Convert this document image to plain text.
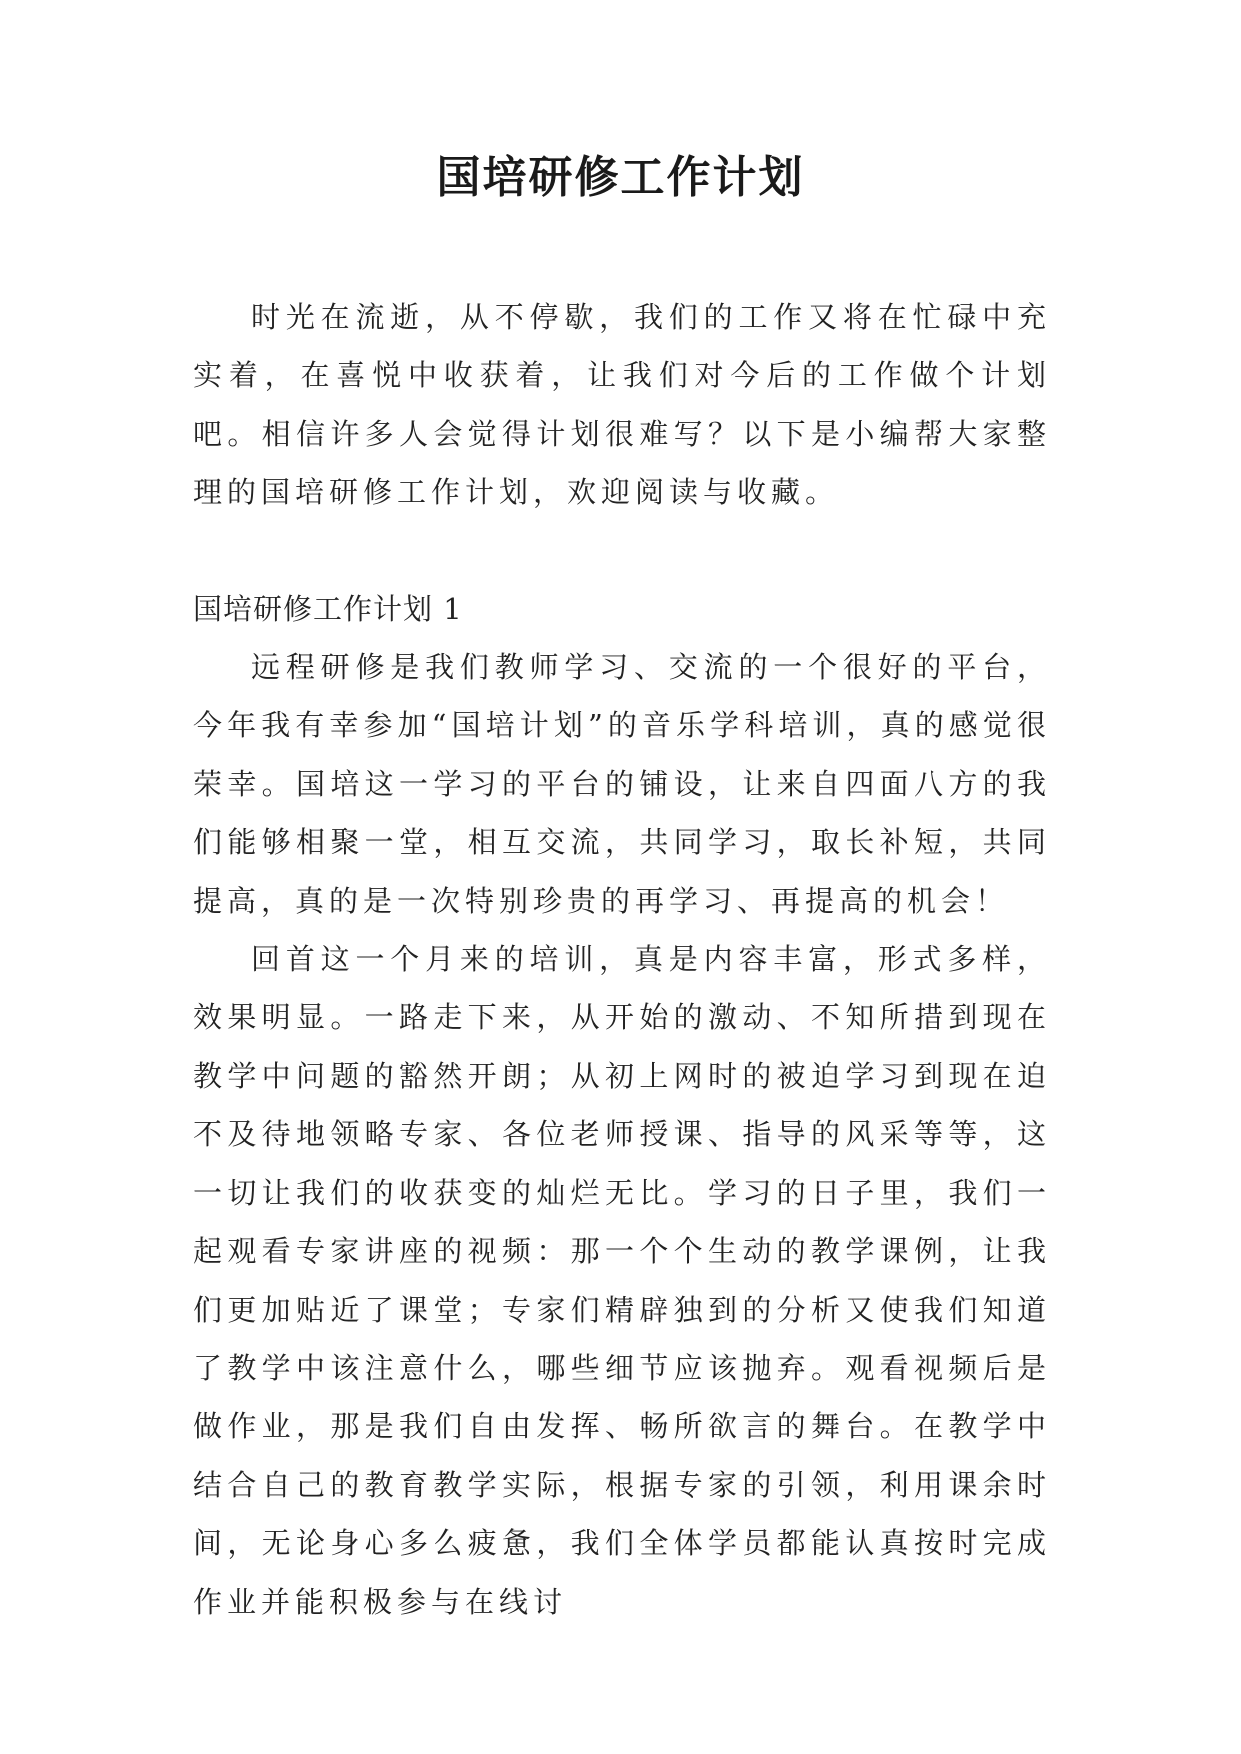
国培研修工作计划

时光在流逝，从不停歇，我们的工作又将在忙碌中充实着，在喜悦中收获着，让我们对今后的工作做个计划吧。相信许多人会觉得计划很难写？以下是小编帮大家整理的国培研修工作计划，欢迎阅读与收藏。

国培研修工作计划 1

远程研修是我们教师学习、交流的一个很好的平台，今年我有幸参加“国培计划”的音乐学科培训，真的感觉很荣幸。国培这一学习的平台的铺设，让来自四面八方的我们能够相聚一堂，相互交流，共同学习，取长补短，共同提高，真的是一次特别珍贵的再学习、再提高的机会！

回首这一个月来的培训，真是内容丰富，形式多样，效果明显。一路走下来，从开始的激动、不知所措到现在教学中问题的豁然开朗；从初上网时的被迫学习到现在迫不及待地领略专家、各位老师授课、指导的风采等等，这一切让我们的收获变的灿烂无比。学习的日子里，我们一起观看专家讲座的视频：那一个个生动的教学课例，让我们更加贴近了课堂；专家们精辟独到的分析又使我们知道了教学中该注意什么，哪些细节应该抛弃。观看视频后是做作业，那是我们自由发挥、畅所欲言的舞台。在教学中结合自己的教育教学实际，根据专家的引领，利用课余时间，无论身心多么疲惫，我们全体学员都能认真按时完成作业并能积极参与在线讨
